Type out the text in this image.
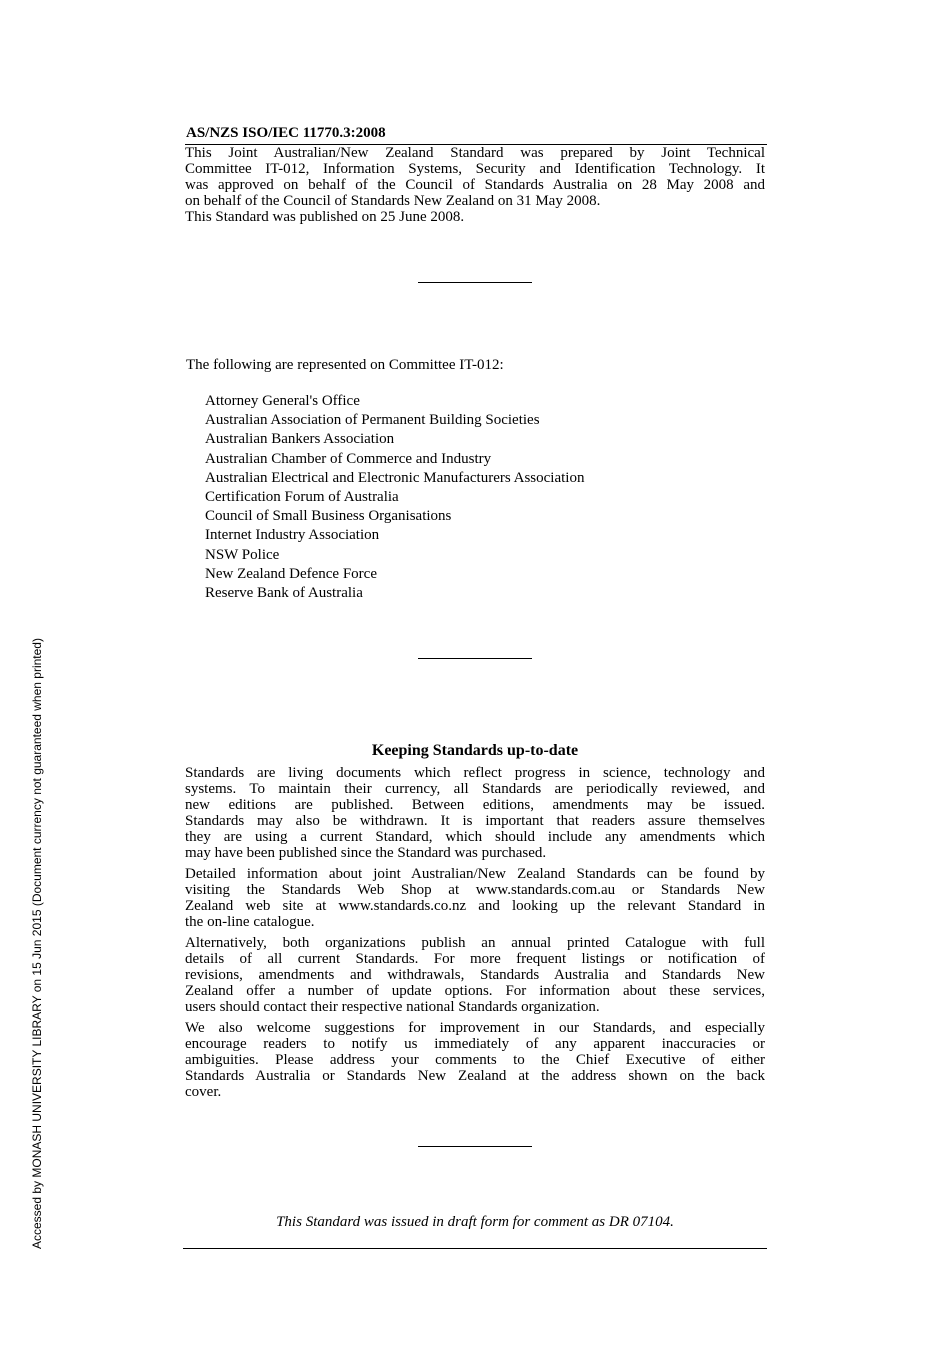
AS/NZS ISO/IEC 11770.3:2008

This Joint Australian/New Zealand Standard was prepared by Joint Technical

Committee IT-012, Information Systems, Security and Identification Technology. It

was approved on behalf of the Council of Standards Australia on 28 May 2008 and

on behalf of the Council of Standards New Zealand on 31 May 2008.

This Standard was published on 25 June 2008.

The following are represented on Committee IT-012:
Attorney General's Office
Australian Association of Permanent Building Societies
Australian Bankers Association
Australian Chamber of Commerce and Industry
Australian Electrical and Electronic Manufacturers Association
Certification Forum of Australia
Council of Small Business Organisations
Internet Industry Association
NSW Police
New Zealand Defence Force
Reserve Bank of Australia
Keeping Standards up-to-date
Standards are living documents which reflect progress in science, technology and
systems. To maintain their currency, all Standards are periodically reviewed, and
new editions are published. Between editions, amendments may be issued.
Standards may also be withdrawn. It is important that readers assure themselves
they are using a current Standard, which should include any amendments which
may have been published since the Standard was purchased.
Detailed information about joint Australian/New Zealand Standards can be found by
visiting the Standards Web Shop at www.standards.com.au or Standards New
Zealand web site at www.standards.co.nz and looking up the relevant Standard in
the on-line catalogue.
Alternatively, both organizations publish an annual printed Catalogue with full
details of all current Standards. For more frequent listings or notification of
revisions, amendments and withdrawals, Standards Australia and Standards New
Zealand offer a number of update options. For information about these services,
users should contact their respective national Standards organization.
We also welcome suggestions for improvement in our Standards, and especially
encourage readers to notify us immediately of any apparent inaccuracies or
ambiguities. Please address your comments to the Chief Executive of either
Standards Australia or Standards New Zealand at the address shown on the back
cover.
This Standard was issued in draft form for comment as DR 07104.
Accessed by MONASH UNIVERSITY LIBRARY on 15 Jun 2015 (Document currency not guaranteed when printed)
